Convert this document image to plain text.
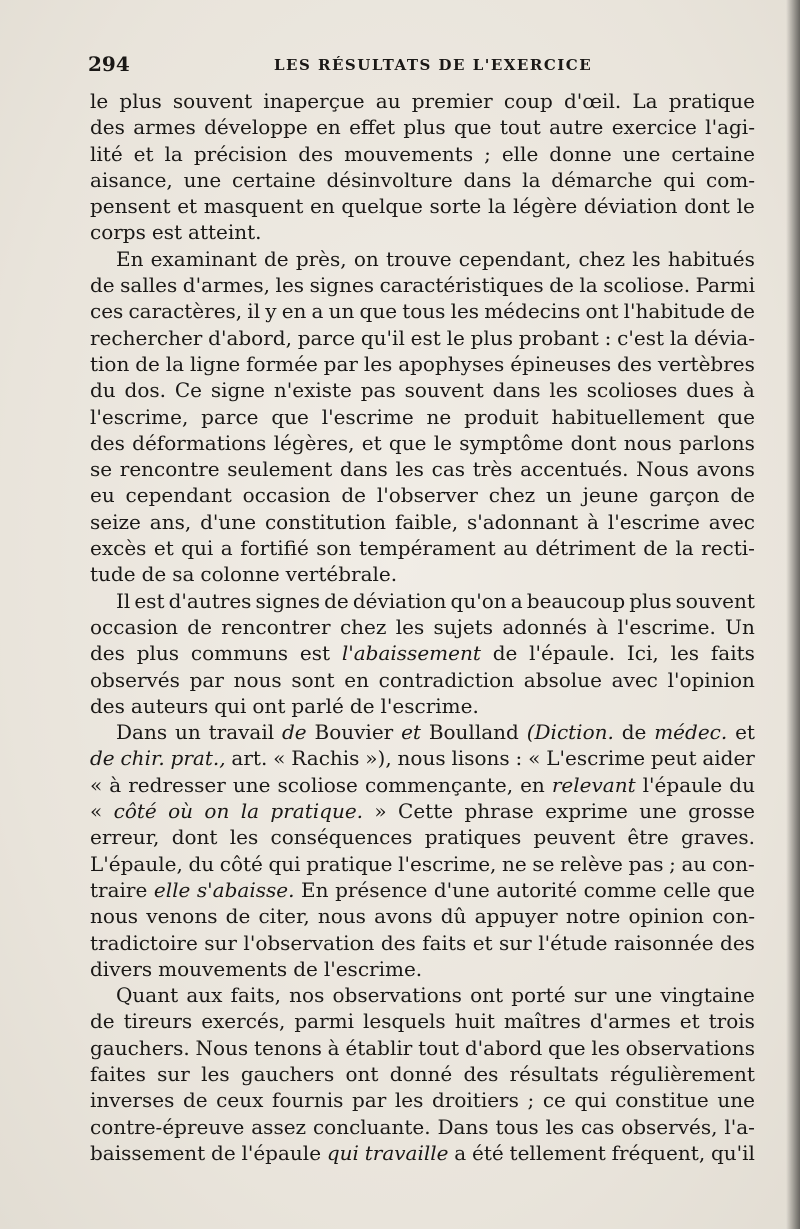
294	LES RÉSULTATS DE L'EXERCICE
le plus souvent inaperçue au premier coup d'œil. La pratique
des armes développe en effet plus que tout autre exercice l'agi-
lité et la précision des mouvements ; elle donne une certaine
aisance, une certaine désinvolture dans la démarche qui com-
pensent et masquent en quelque sorte la légère déviation dont le
corps est atteint.
En examinant de près, on trouve cependant, chez les habitués
de salles d'armes, les signes caractéristiques de la scoliose. Parmi
ces caractères, il y en a un que tous les médecins ont l'habitude de
rechercher d'abord, parce qu'il est le plus probant : c'est la dévia-
tion de la ligne formée par les apophyses épineuses des vertèbres
du dos. Ce signe n'existe pas souvent dans les scolioses dues à
l'escrime, parce que l'escrime ne produit habituellement que
des déformations légères, et que le symptôme dont nous parlons
se rencontre seulement dans les cas très accentués. Nous avons
eu cependant occasion de l'observer chez un jeune garçon de
seize ans, d'une constitution faible, s'adonnant à l'escrime avec
excès et qui a fortifié son tempérament au détriment de la recti-
tude de sa colonne vertébrale.
Il est d'autres signes de déviation qu'on a beaucoup plus souvent
occasion de rencontrer chez les sujets adonnés à l'escrime. Un
des plus communs est l'abaissement de l'épaule. Ici, les faits
observés par nous sont en contradiction absolue avec l'opinion
des auteurs qui ont parlé de l'escrime.
Dans un travail de Bouvier et Boulland (Diction. de médec. et
de chir. prat., art. « Rachis »), nous lisons : « L'escrime peut aider
« à redresser une scoliose commençante, en relevant l'épaule du
« côté où on la pratique. » Cette phrase exprime une grosse
erreur, dont les conséquences pratiques peuvent être graves.
L'épaule, du côté qui pratique l'escrime, ne se relève pas ; au con-
traire elle s'abaisse. En présence d'une autorité comme celle que
nous venons de citer, nous avons dû appuyer notre opinion con-
tradictoire sur l'observation des faits et sur l'étude raisonnée des
divers mouvements de l'escrime.
Quant aux faits, nos observations ont porté sur une vingtaine
de tireurs exercés, parmi lesquels huit maîtres d'armes et trois
gauchers. Nous tenons à établir tout d'abord que les observations
faites sur les gauchers ont donné des résultats régulièrement
inverses de ceux fournis par les droitiers ; ce qui constitue une
contre-épreuve assez concluante. Dans tous les cas observés, l'a-
baissement de l'épaule qui travaille a été tellement fréquent, qu'il
